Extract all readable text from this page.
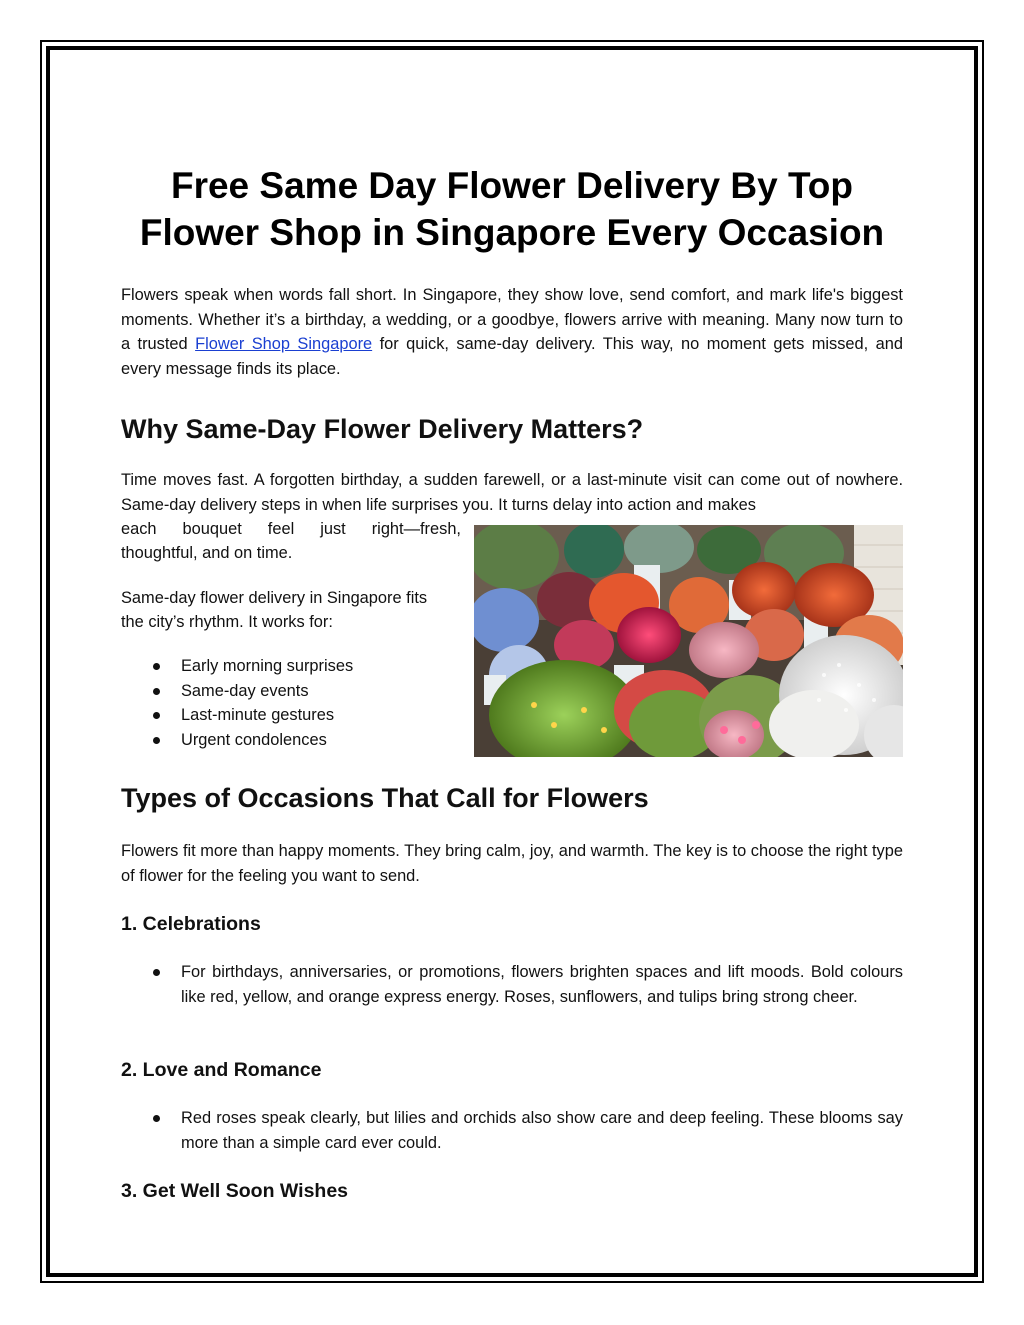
Free Same Day Flower Delivery By Top
Flower Shop in Singapore Every Occasion

Flowers speak when words fall short. In Singapore, they show love, send comfort, and mark life's biggest moments. Whether it’s a birthday, a wedding, or a goodbye, flowers arrive with meaning. Many now turn to a trusted Flower Shop Singapore for quick, same-day delivery. This way, no moment gets missed, and every message finds its place.

Why Same-Day Flower Delivery Matters?

Time moves fast. A forgotten birthday, a sudden farewell, or a last-minute visit can come out of nowhere. Same-day delivery steps in when life surprises you. It turns delay into action and makes

each bouquet feel just right—fresh,

thoughtful, and on time.

Same-day flower delivery in Singapore fits

the city’s rhythm. It works for:

Early morning surprises
Same-day events
Last-minute gestures
Urgent condolences
Types of Occasions That Call for Flowers

Flowers fit more than happy moments. They bring calm, joy, and warmth. The key is to choose the right type of flower for the feeling you want to send.

1. Celebrations
For birthdays, anniversaries, or promotions, flowers brighten spaces and lift moods. Bold colours like red, yellow, and orange express energy. Roses, sunflowers, and tulips bring strong cheer.
2. Love and Romance
Red roses speak clearly, but lilies and orchids also show care and deep feeling. These blooms say more than a simple card ever could.
3. Get Well Soon Wishes
